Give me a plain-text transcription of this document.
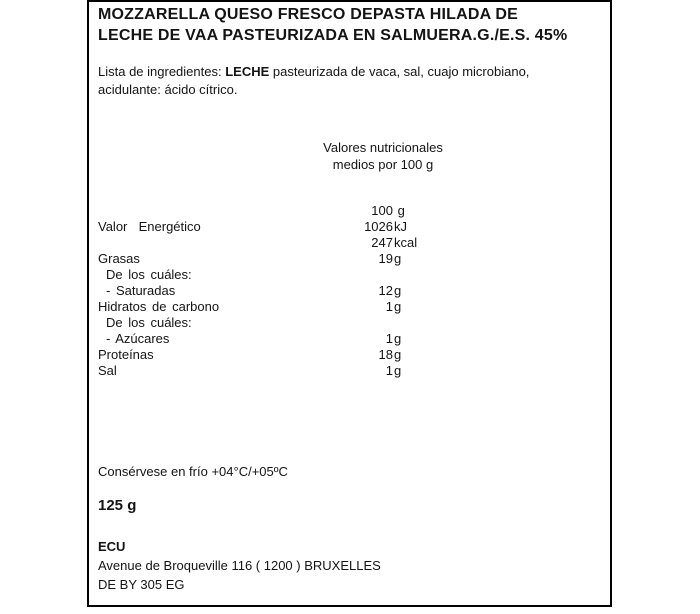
MOZZARELLA QUESO FRESCO DEPASTA HILADA DE
LECHE DE VAA PASTEURIZADA EN SALMUERA.G./E.S. 45%
Lista de ingredientes: LECHE pasteurizada de vaca, sal, cuajo microbiano,
acidulante: ácido cítrico.
Valores nutricionales
medios por 100 g
100 g
Valor  Energético	1026 kJ
247 kcal
Grasas	19 g
De los cuáles:
- Saturadas	12 g
Hidratos de carbono	1 g
De los cuáles:
- Azúcares	1 g
Proteínas	18 g
Sal	1 g
Consérvese en frío +04°C/+05ºC
125 g
ECU
Avenue de Broqueville 116 ( 1200 ) BRUXELLES
DE BY 305 EG
